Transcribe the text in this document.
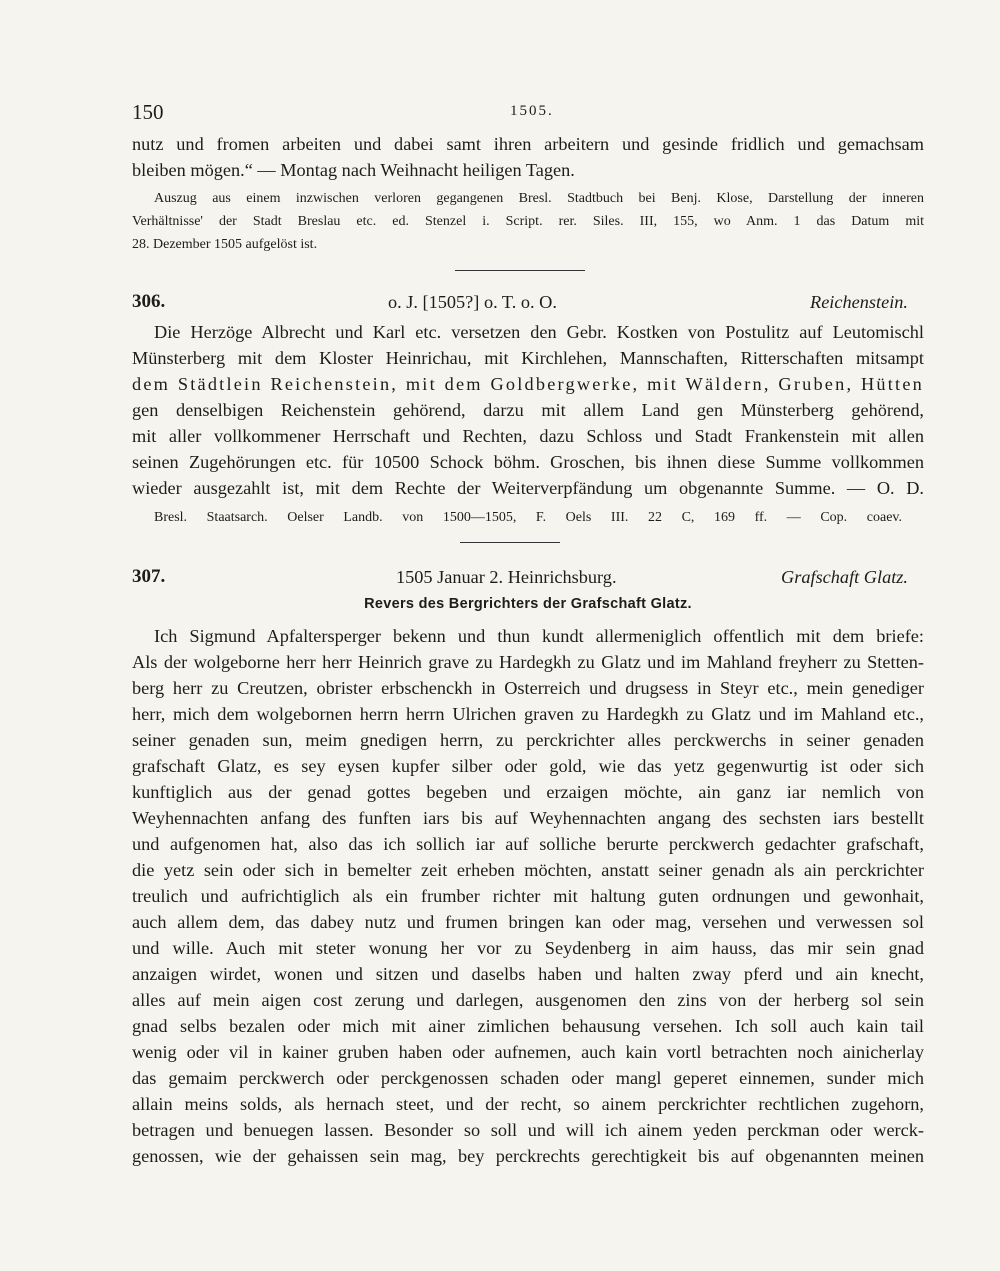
150	1505.
nutz und fromen arbeiten und dabei samt ihren arbeitern und gesinde fridlich und gemachsam
bleiben mögen.“ — Montag nach Weihnacht heiligen Tagen.
Auszug aus einem inzwischen verloren gegangenen Bresl. Stadtbuch bei Benj. Klose, Darstellung der inneren
Verhältnisse' der Stadt Breslau etc. ed. Stenzel i. Script. rer. Siles. III, 155, wo Anm. 1 das Datum mit
28. Dezember 1505 aufgelöst ist.
306.	o. J. [1505?] o. T. o. O.	Reichenstein.
Die Herzöge Albrecht und Karl etc. versetzen den Gebr. Kostken von Postulitz auf Leutomischl
Münsterberg mit dem Kloster Heinrichau, mit Kirchlehen, Mannschaften, Ritterschaften mitsampt
dem Städtlein Reichenstein, mit dem Goldbergwerke, mit Wäldern, Gruben, Hütten
gen denselbigen Reichenstein gehörend, darzu mit allem Land gen Münsterberg gehörend,
mit aller vollkommener Herrschaft und Rechten, dazu Schloss und Stadt Frankenstein mit allen
seinen Zugehörungen etc. für 10500 Schock böhm. Groschen, bis ihnen diese Summe vollkommen
wieder ausgezahlt ist, mit dem Rechte der Weiterverpfändung um obgenannte Summe. — O. D.
Bresl. Staatsarch. Oelser Landb. von 1500—1505, F. Oels III. 22 C, 169 ff. — Cop. coaev.
307.	1505 Januar 2. Heinrichsburg.	Grafschaft Glatz.
Revers des Bergrichters der Grafschaft Glatz.
Ich Sigmund Apfaltersperger bekenn und thun kundt allermeniglich offentlich mit dem briefe:
Als der wolgeborne herr herr Heinrich grave zu Hardegkh zu Glatz und im Mahland freyherr zu Stetten-
berg herr zu Creutzen, obrister erbschenckh in Osterreich und drugsess in Steyr etc., mein genediger
herr, mich dem wolgebornen herrn herrn Ulrichen graven zu Hardegkh zu Glatz und im Mahland etc.,
seiner genaden sun, meim gnedigen herrn, zu perckrichter alles perckwerchs in seiner genaden
grafschaft Glatz, es sey eysen kupfer silber oder gold, wie das yetz gegenwurtig ist oder sich
kunftiglich aus der genad gottes begeben und erzaigen möchte, ain ganz iar nemlich von
Weyhennachten anfang des funften iars bis auf Weyhennachten angang des sechsten iars bestellt
und aufgenomen hat, also das ich sollich iar auf solliche berurte perckwerch gedachter grafschaft,
die yetz sein oder sich in bemelter zeit erheben möchten, anstatt seiner genadn als ain perckrichter
treulich und aufrichtiglich als ein frumber richter mit haltung guten ordnungen und gewonhait,
auch allem dem, das dabey nutz und frumen bringen kan oder mag, versehen und verwessen sol
und wille. Auch mit steter wonung her vor zu Seydenberg in aim hauss, das mir sein gnad
anzaigen wirdet, wonen und sitzen und daselbs haben und halten zway pferd und ain knecht,
alles auf mein aigen cost zerung und darlegen, ausgenomen den zins von der herberg sol sein
gnad selbs bezalen oder mich mit ainer zimlichen behausung versehen. Ich soll auch kain tail
wenig oder vil in kainer gruben haben oder aufnemen, auch kain vortl betrachten noch ainicherlay
das gemaim perckwerch oder perckgenossen schaden oder mangl geperet einnemen, sunder mich
allain meins solds, als hernach steet, und der recht, so ainem perckrichter rechtlichen zugehorn,
betragen und benuegen lassen. Besonder so soll und will ich ainem yeden perckman oder werck-
genossen, wie der gehaissen sein mag, bey perckrechts gerechtigkeit bis auf obgenannten meinen
